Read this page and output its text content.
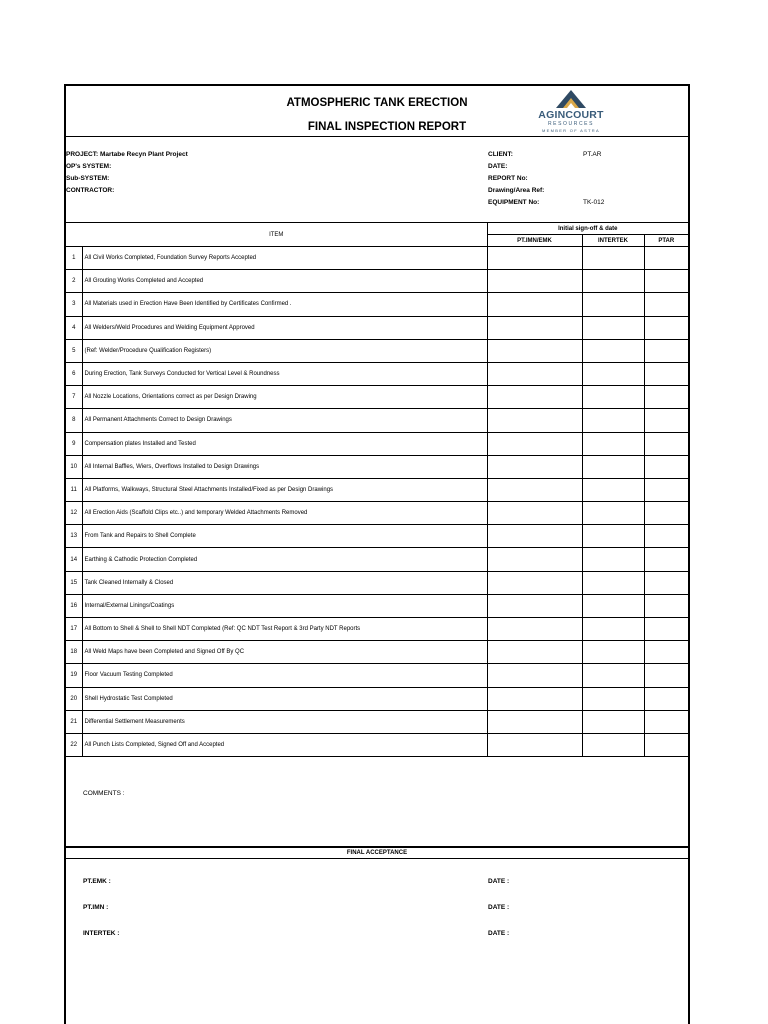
ATMOSPHERIC TANK ERECTION
FINAL INSPECTION REPORT
AGINCOURT
RESOURCES
MEMBER OF ASTRA
PROJECT: Martabe Recyn Plant Project
OP's SYSTEM:
Sub-SYSTEM:
CONTRACTOR:
CLIENT:	PT.AR
DATE:
REPORT No:
Drawing/Area Ref:
EQUIPMENT No:	TK-012
ITEM		Initial sign-off & date		
		PT.IMN/EMK	INTERTEK	PTAR
1	All Civil Works Completed, Foundation Survey Reports Accepted			
2	All Grouting Works Completed and Accepted			
3	All Materials used in Erection Have Been Identified by Certificates Confirmed .			
4	All Welders/Weld Procedures and Welding Equipment Approved			
5	(Ref: Welder/Procedure Qualification Registers)			
6	During Erection, Tank Surveys Conducted for Vertical Level & Roundness			
7	All Nozzle Locations, Orientations correct as per Design Drawing			
8	All Permanent Attachments Correct to Design Drawings			
9	Compensation plates Installed and Tested			
10	All Internal Baffles, Wiers, Overflows Installed to Design Drawings			
11	All Platforms, Walkways, Structural Steel Attachments Installed/Fixed as per Design Drawings			
12	All Erection Aids (Scaffold Clips etc..) and temporary Welded Attachments Removed			
13	From Tank and Repairs to Shell Complete			
14	Earthing & Cathodic Protection Completed			
15	Tank Cleaned Internally & Closed			
16	Internal/External Linings/Coatings			
17	All Bottom to Shell & Shell to Shell NDT Completed (Ref: QC NDT Test Report & 3rd Party NDT Reports			
18	All Weld Maps have been Completed and Signed Off By QC			
19	Floor Vacuum Testing Completed			
20	Shell Hydrostatic Test Completed			
21	Differential Settlement Measurements			
22	All Punch Lists Completed, Signed Off and Accepted			
COMMENTS :
FINAL ACCEPTANCE
PT.EMK :	DATE :
PT.IMN :	DATE :
INTERTEK :	DATE :
